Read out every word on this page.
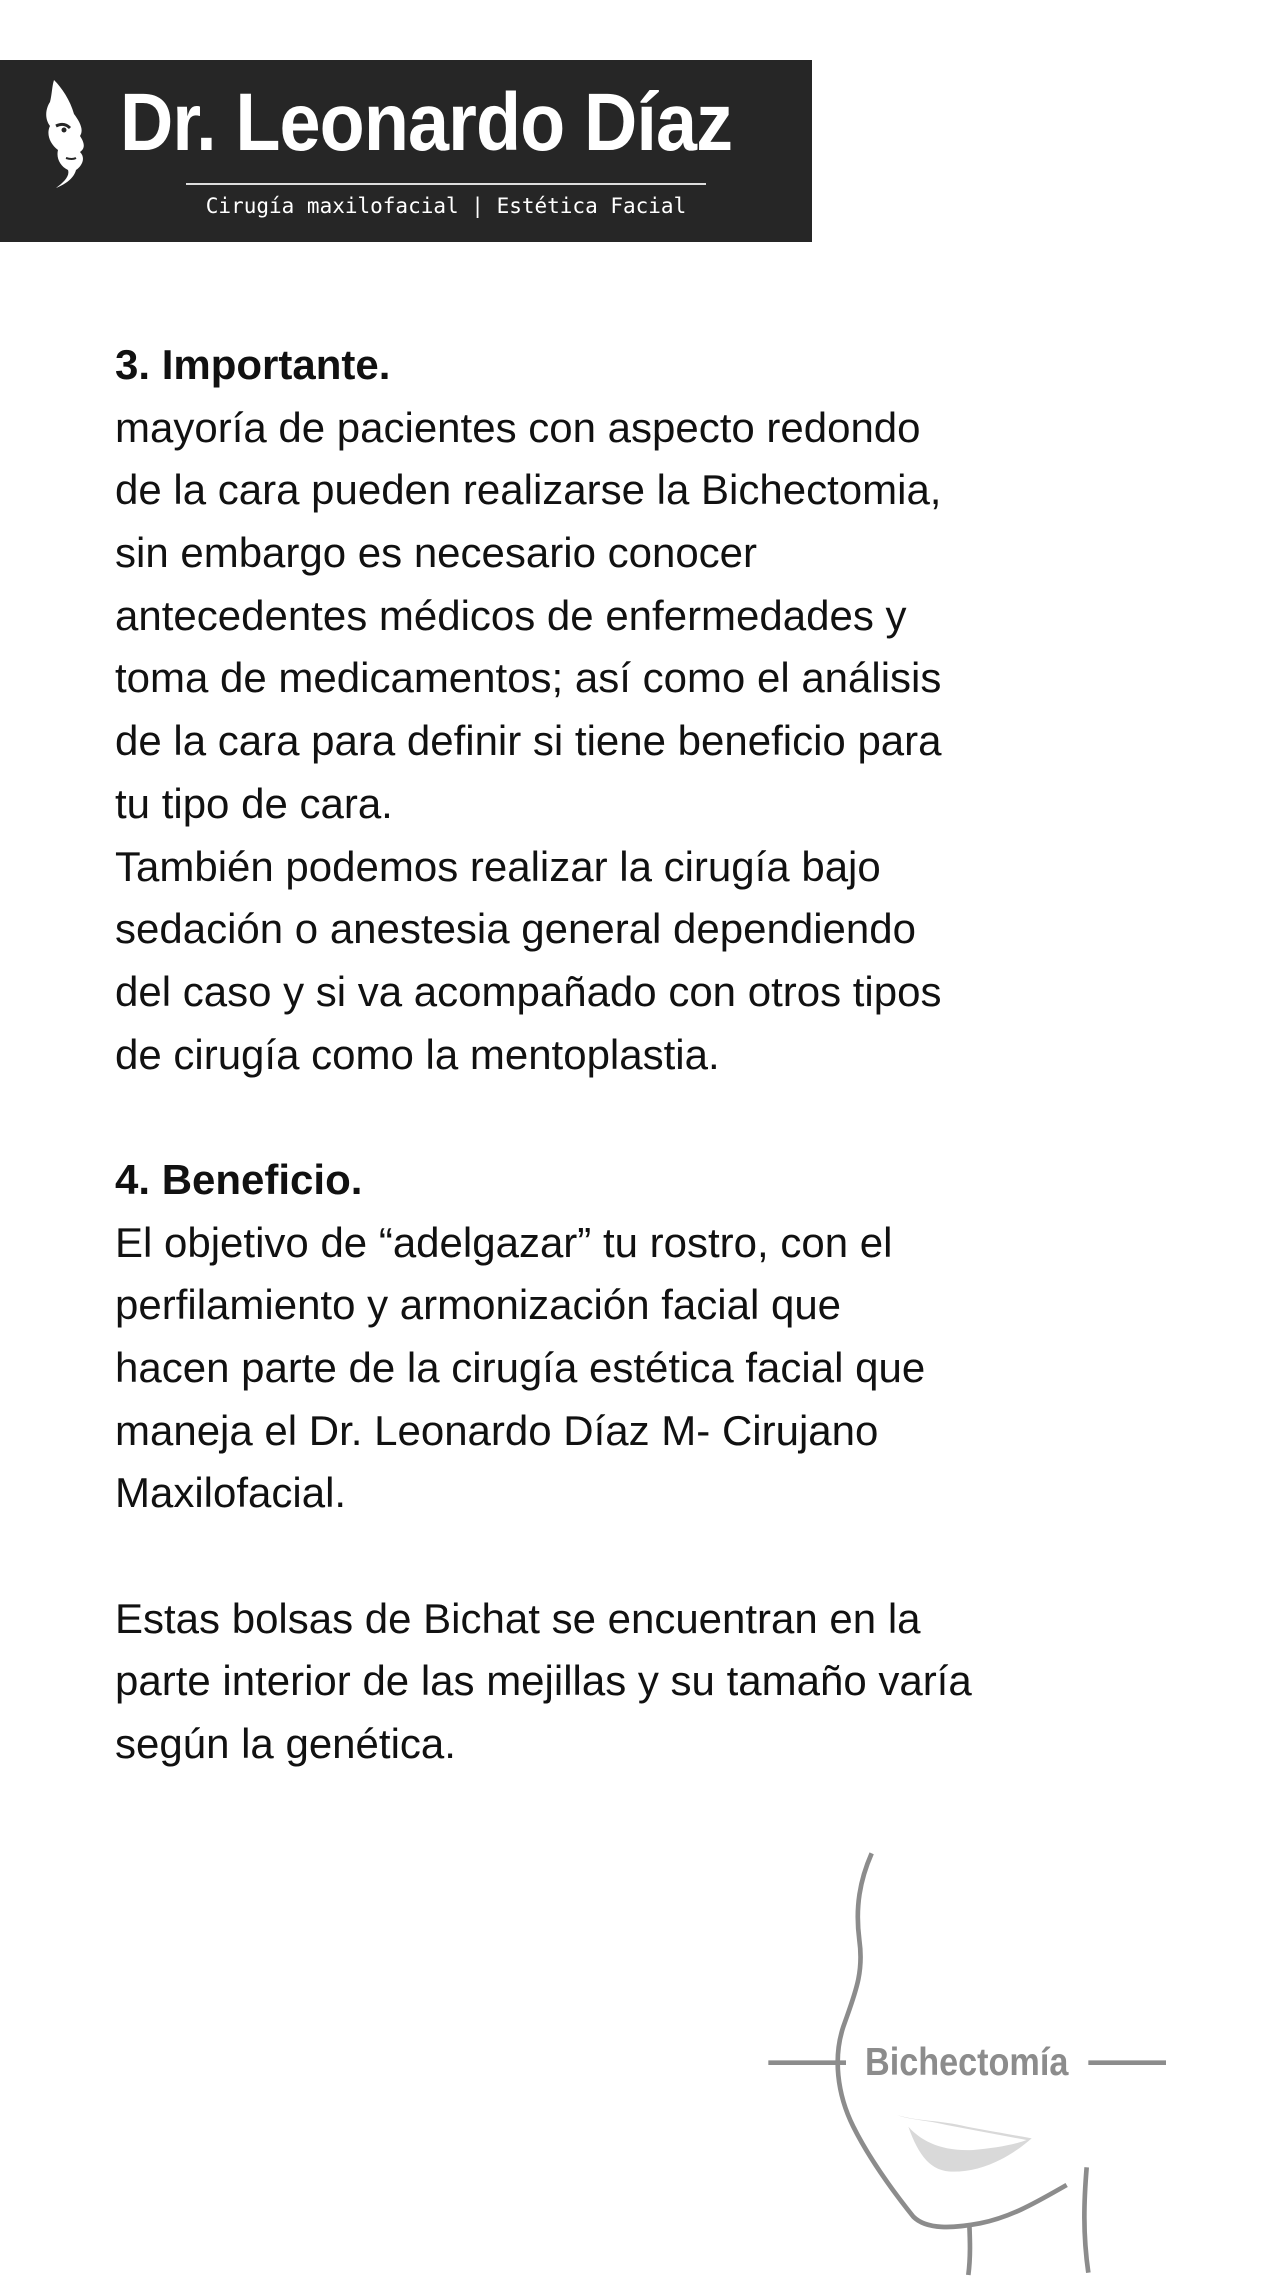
Dr. Leonardo Díaz
Cirugía maxilofacial | Estética Facial
3. Importante.
mayoría de pacientes con aspecto redondo
de la cara pueden realizarse la Bichectomia,
sin embargo es necesario conocer
antecedentes médicos de enfermedades y
toma de medicamentos; así como el análisis
de la cara para definir si tiene beneficio para
tu tipo de cara.
También podemos realizar la cirugía bajo
sedación o anestesia general dependiendo
del caso y si va acompañado con otros tipos
de cirugía como la mentoplastia.
4. Beneficio.
El objetivo de “adelgazar” tu rostro, con el
perfilamiento y armonización facial que
hacen parte de la cirugía estética facial que
maneja el Dr. Leonardo Díaz M- Cirujano
Maxilofacial.
Estas bolsas de Bichat se encuentran en la
parte interior de las mejillas y su tamaño varía
según la genética.
Bichectomía
